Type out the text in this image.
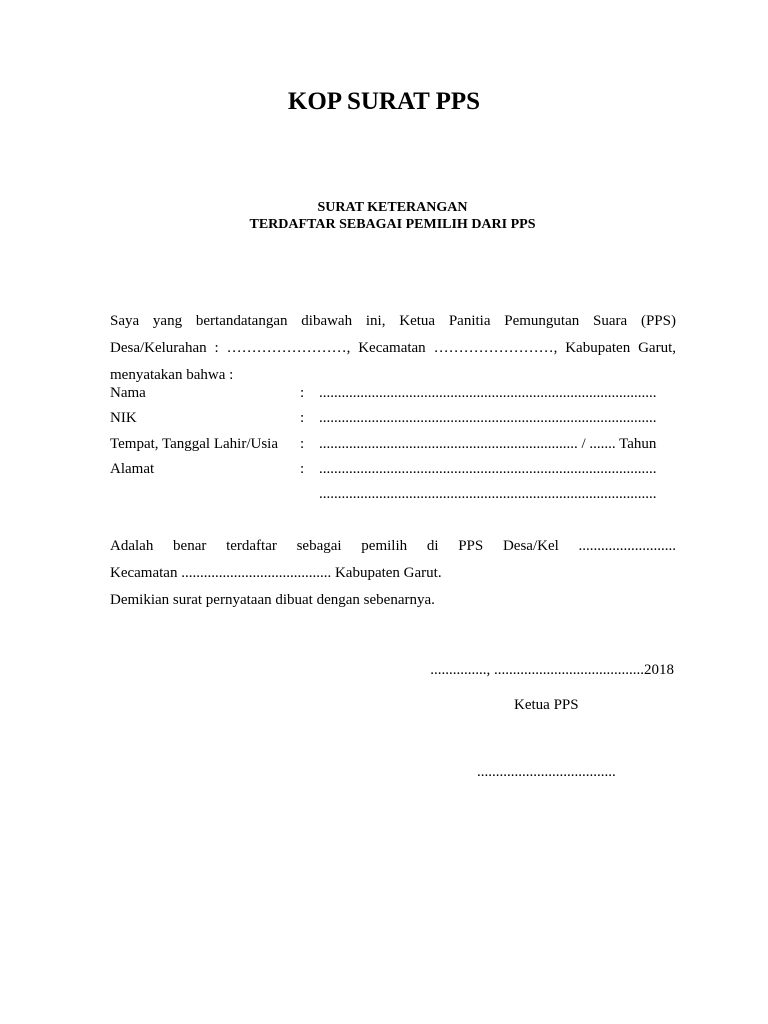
KOP SURAT PPS
SURAT KETERANGAN
TERDAFTAR SEBAGAI PEMILIH DARI PPS
Saya yang bertandatangan dibawah ini, Ketua Panitia Pemungutan Suara (PPS)
Desa/Kelurahan : ……………………, Kecamatan ……………………, Kabupaten Garut,
menyatakan bahwa :
Nama	: ..........................................................................................
NIK	: ..........................................................................................
Tempat, Tanggal Lahir/Usia : ..................................................................... / ....... Tahun
Alamat	: ..........................................................................................
..........................................................................................
Adalah benar terdaftar sebagai pemilih di PPS Desa/Kel ..........................
Kecamatan ........................................ Kabupaten Garut.
Demikian surat pernyataan dibuat dengan sebenarnya.
..............., ........................................2018
Ketua PPS
.....................................
